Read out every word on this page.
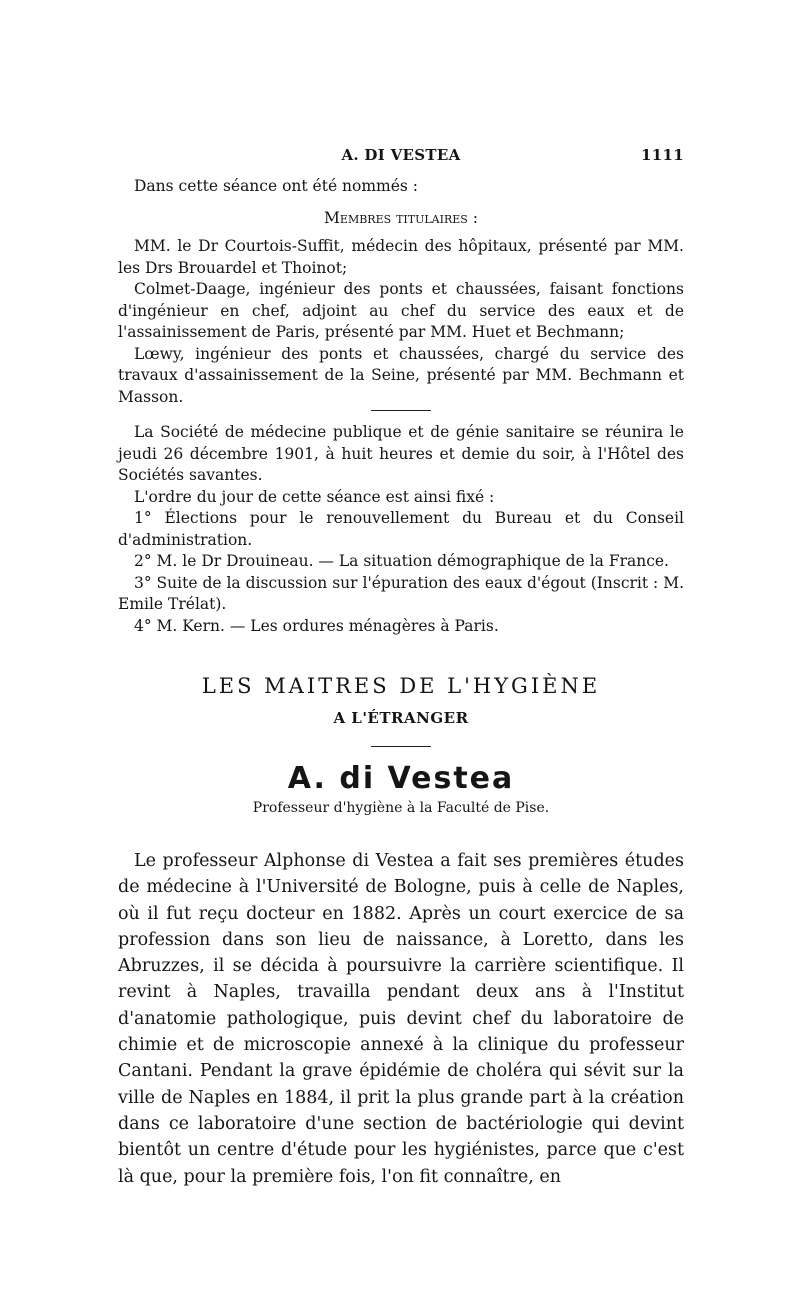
A. DI VESTEA	1111

Dans cette séance ont été nommés :

Membres titulaires :

MM. le Dr Courtois-Suffit, médecin des hôpitaux, présenté par MM. les Drs Brouardel et Thoinot;

Colmet-Daage, ingénieur des ponts et chaussées, faisant fonctions d'ingénieur en chef, adjoint au chef du service des eaux et de l'assainissement de Paris, présenté par MM. Huet et Bechmann;

Lœwy, ingénieur des ponts et chaussées, chargé du service des travaux d'assainissement de la Seine, présenté par MM. Bechmann et Masson.

La Société de médecine publique et de génie sanitaire se réunira le jeudi 26 décembre 1901, à huit heures et demie du soir, à l'Hôtel des Sociétés savantes.

L'ordre du jour de cette séance est ainsi fixé :

1° Élections pour le renouvellement du Bureau et du Conseil d'administration.

2° M. le Dr Drouineau. — La situation démographique de la France.

3° Suite de la discussion sur l'épuration des eaux d'égout (Inscrit : M. Emile Trélat).

4° M. Kern. — Les ordures ménagères à Paris.

LES MAITRES DE L'HYGIÈNE

A L'ÉTRANGER

A. di Vestea

Professeur d'hygiène à la Faculté de Pise.

Le professeur Alphonse di Vestea a fait ses premières études de médecine à l'Université de Bologne, puis à celle de Naples, où il fut reçu docteur en 1882. Après un court exercice de sa profession dans son lieu de naissance, à Loretto, dans les Abruzzes, il se décida à poursuivre la carrière scientifique. Il revint à Naples, travailla pendant deux ans à l'Institut d'anatomie pathologique, puis devint chef du laboratoire de chimie et de microscopie annexé à la clinique du professeur Cantani. Pendant la grave épidémie de choléra qui sévit sur la ville de Naples en 1884, il prit la plus grande part à la création dans ce laboratoire d'une section de bactériologie qui devint bientôt un centre d'étude pour les hygiénistes, parce que c'est là que, pour la première fois, l'on fit connaître, en
